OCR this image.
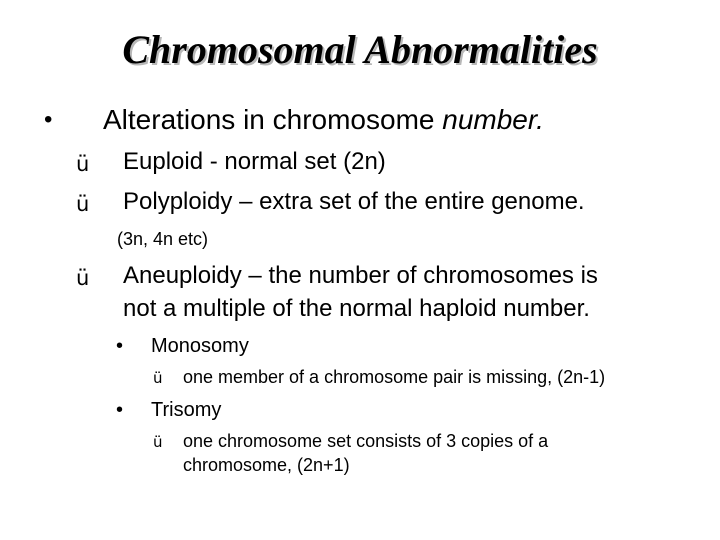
Chromosomal Abnormalities
• Alterations in chromosome number.
ü Euploid - normal set (2n)
ü Polyploidy – extra set of the entire genome.
(3n, 4n etc)
ü Aneuploidy – the number of chromosomes is
not a multiple of the normal haploid number.
• Monosomy
ü one member of a chromosome pair is missing, (2n-1)
• Trisomy
ü one chromosome set consists of 3 copies of a
chromosome, (2n+1)
